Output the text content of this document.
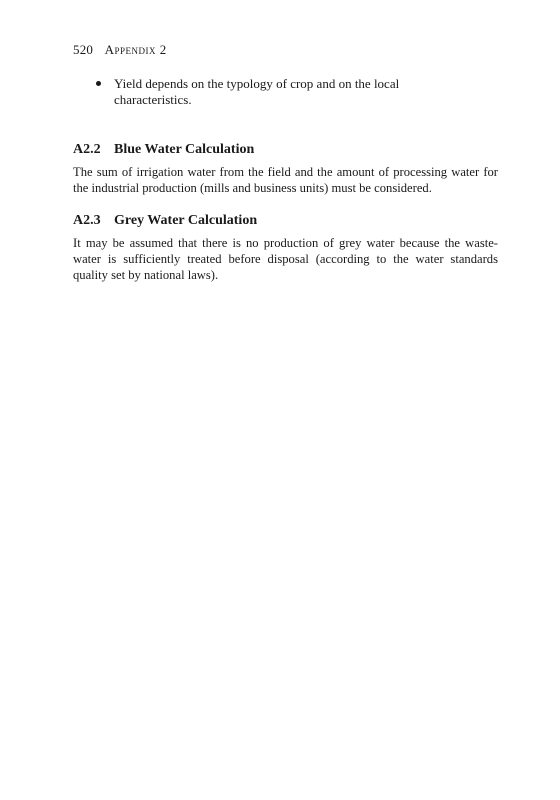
520 Appendix 2
Yield depends on the typology of crop and on the local characteristics.
A2.2 Blue Water Calculation

The sum of irrigation water from the field and the amount of processing water for the industrial production (mills and business units) must be considered.

A2.3 Grey Water Calculation

It may be assumed that there is no production of grey water because the waste-water is sufficiently treated before disposal (according to the water standards quality set by national laws).
